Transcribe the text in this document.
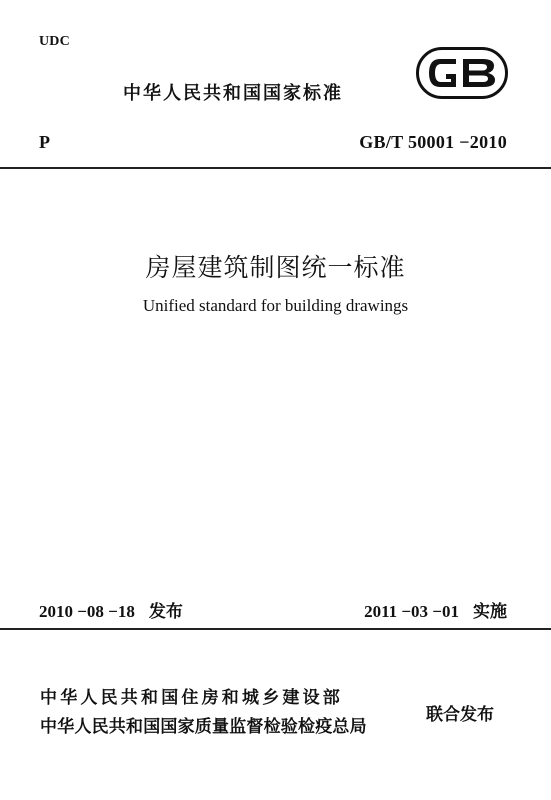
UDC
中华人民共和国国家标准
P	GB/T 50001 −2010
房屋建筑制图统一标准
Unified standard for building drawings
2010 −08 −18 发布	2011 −03 −01 实施
中华人民共和国住房和城乡建设部
中华人民共和国国家质量监督检验检疫总局
联合发布
